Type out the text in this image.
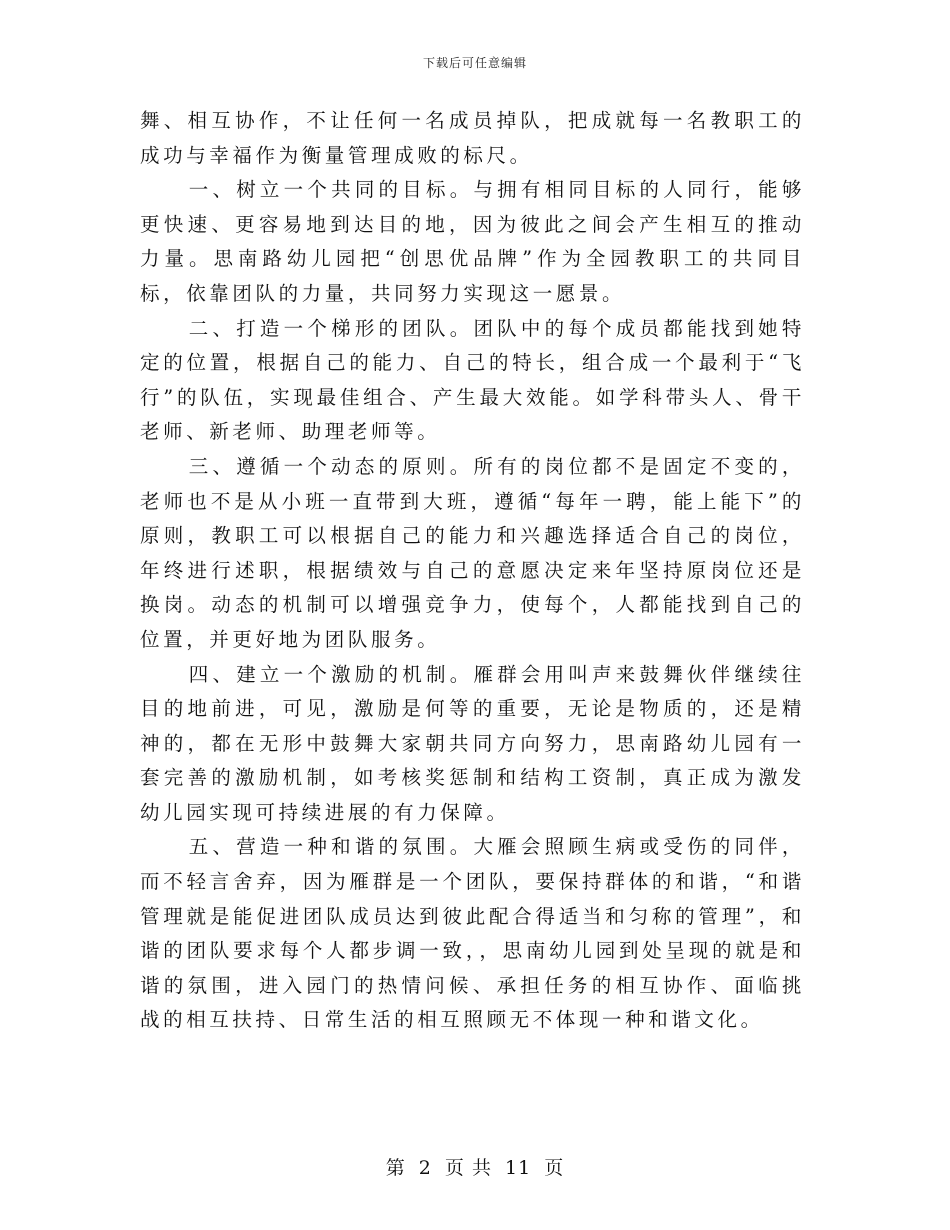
下载后可任意编辑

舞、相互协作，不让任何一名成员掉队，把成就每一名教职工的成功与幸福作为衡量管理成败的标尺。

一、树立一个共同的目标。与拥有相同目标的人同行，能够更快速、更容易地到达目的地，因为彼此之间会产生相互的推动力量。思南路幼儿园把“创思优品牌”作为全园教职工的共同目标，依靠团队的力量，共同努力实现这一愿景。

二、打造一个梯形的团队。团队中的每个成员都能找到她特定的位置，根据自己的能力、自己的特长，组合成一个最利于“飞行”的队伍，实现最佳组合、产生最大效能。如学科带头人、骨干老师、新老师、助理老师等。

三、遵循一个动态的原则。所有的岗位都不是固定不变的，老师也不是从小班一直带到大班，遵循“每年一聘，能上能下”的原则，教职工可以根据自己的能力和兴趣选择适合自己的岗位，年终进行述职，根据绩效与自己的意愿决定来年坚持原岗位还是换岗。动态的机制可以增强竞争力，使每个，人都能找到自己的位置，并更好地为团队服务。

四、建立一个激励的机制。雁群会用叫声来鼓舞伙伴继续往目的地前进，可见，激励是何等的重要，无论是物质的，还是精神的，都在无形中鼓舞大家朝共同方向努力，思南路幼儿园有一套完善的激励机制，如考核奖惩制和结构工资制，真正成为激发幼儿园实现可持续进展的有力保障。

五、营造一种和谐的氛围。大雁会照顾生病或受伤的同伴，而不轻言舍弃，因为雁群是一个团队，要保持群体的和谐，“和谐管理就是能促进团队成员达到彼此配合得适当和匀称的管理”，和谐的团队要求每个人都步调一致，，思南幼儿园到处呈现的就是和谐的氛围，进入园门的热情问候、承担任务的相互协作、面临挑战的相互扶持、日常生活的相互照顾无不体现一种和谐文化。

第 2 页 共 11 页
